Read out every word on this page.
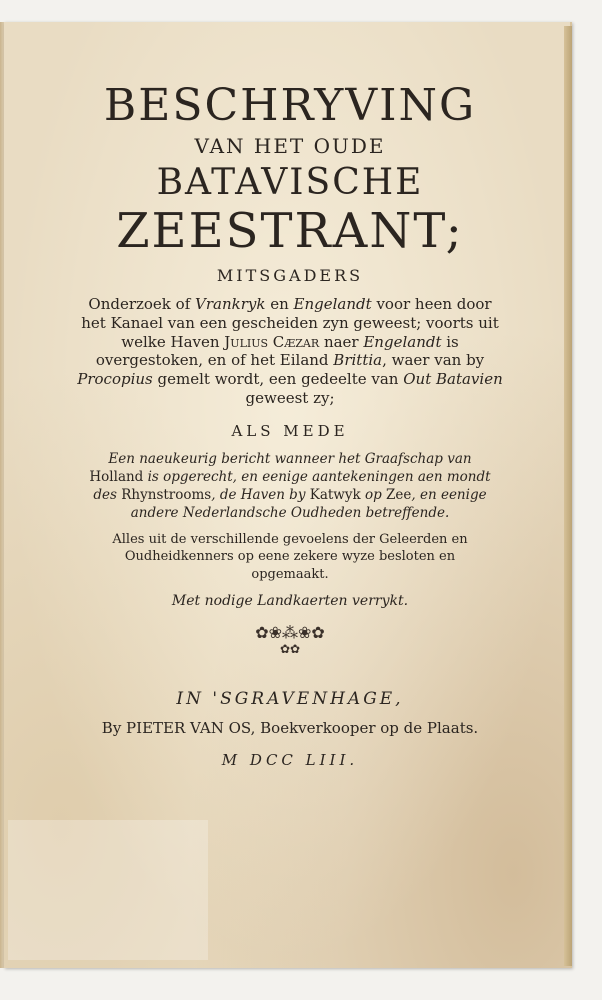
BESCHRYVING
VAN HET OUDE
BATAVISCHE
ZEESTRANT;
MITSGADERS
Onderzoek of Vrankryk en Engelandt voor heen door het Kanael van een gescheiden zyn geweest; voorts uit welke Haven Julius Cæzar naer Engelandt is overgestoken, en of het Eiland Brittia, waer van by Procopius gemelt wordt, een gedeelte van Out Batavien geweest zy;
ALS MEDE
Een naeukeurig bericht wanneer het Graafschap van Holland is opgerecht, en eenige aantekeningen aen mondt des Rhynstrooms, de Haven by Katwyk op Zee, en eenige andere Nederlandsche Oudheden betreffende.
Alles uit de verschillende gevoelens der Geleerden en Oudheidkenners op eene zekere wyze besloten en opgemaakt.
Met nodige Landkaerten verrykt.
✿❀⁂❀✿
✿✿
IN 'SGRAVENHAGE,
By PIETER VAN OS, Boekverkooper op de Plaats.
M DCC LIII.
